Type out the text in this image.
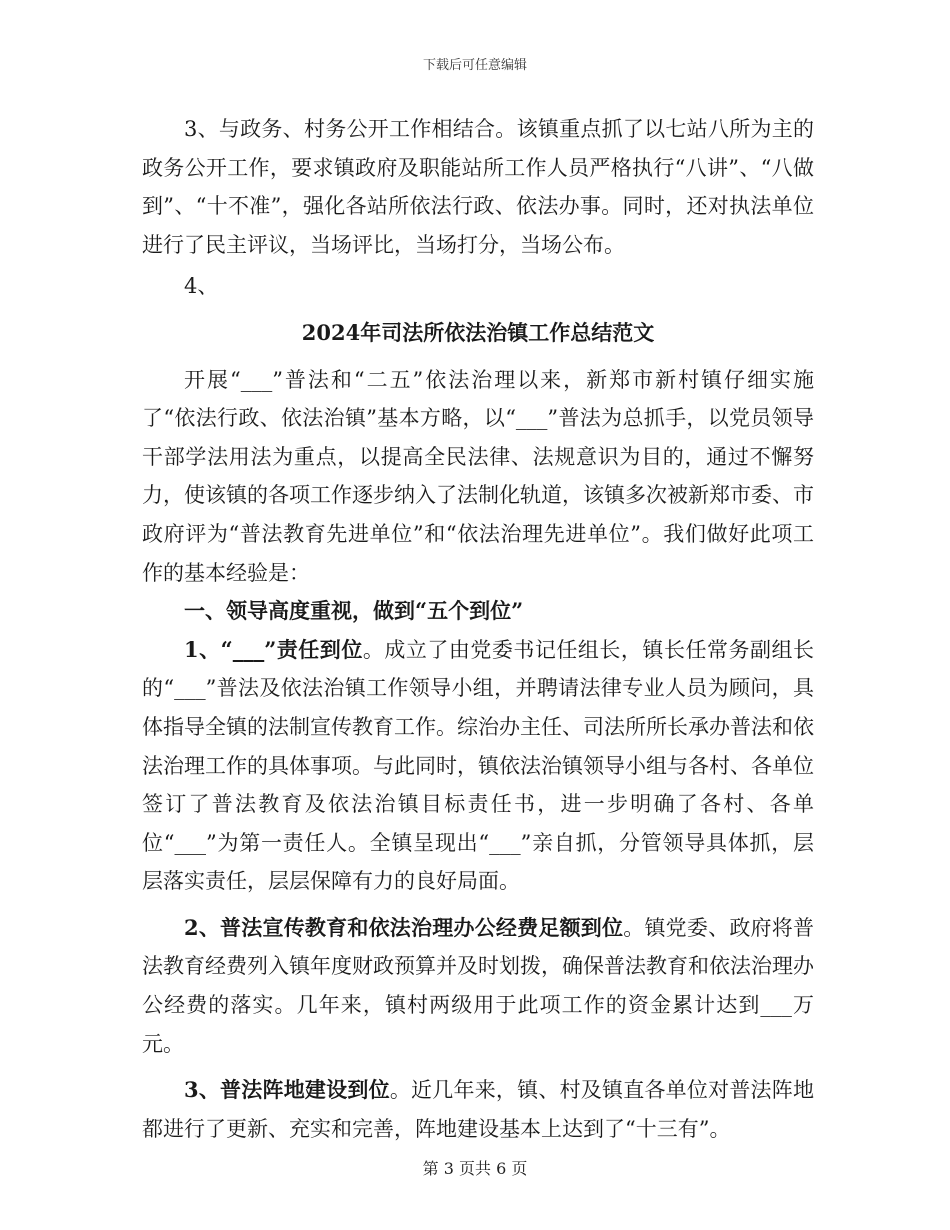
下载后可任意编辑

3、与政务、村务公开工作相结合。该镇重点抓了以七站八所为主的政务公开工作，要求镇政府及职能站所工作人员严格执行“八讲”、“八做到”、“十不准”，强化各站所依法行政、依法办事。同时，还对执法单位进行了民主评议，当场评比，当场打分，当场公布。

4、

2024年司法所依法治镇工作总结范文

开展“___”普法和“二五”依法治理以来，新郑市新村镇仔细实施了“依法行政、依法治镇”基本方略，以“___”普法为总抓手，以党员领导干部学法用法为重点，以提高全民法律、法规意识为目的，通过不懈努力，使该镇的各项工作逐步纳入了法制化轨道，该镇多次被新郑市委、市政府评为“普法教育先进单位”和“依法治理先进单位”。我们做好此项工作的基本经验是：

一、领导高度重视，做到“五个到位”

1、“___”责任到位。成立了由党委书记任组长，镇长任常务副组长的“___”普法及依法治镇工作领导小组，并聘请法律专业人员为顾问，具体指导全镇的法制宣传教育工作。综治办主任、司法所所长承办普法和依法治理工作的具体事项。与此同时，镇依法治镇领导小组与各村、各单位签订了普法教育及依法治镇目标责任书，进一步明确了各村、各单位“___”为第一责任人。全镇呈现出“___”亲自抓，分管领导具体抓，层层落实责任，层层保障有力的良好局面。

2、普法宣传教育和依法治理办公经费足额到位。镇党委、政府将普法教育经费列入镇年度财政预算并及时划拨，确保普法教育和依法治理办公经费的落实。几年来，镇村两级用于此项工作的资金累计达到___万元。

3、普法阵地建设到位。近几年来，镇、村及镇直各单位对普法阵地都进行了更新、充实和完善，阵地建设基本上达到了“十三有”。

第 3 页共 6 页
